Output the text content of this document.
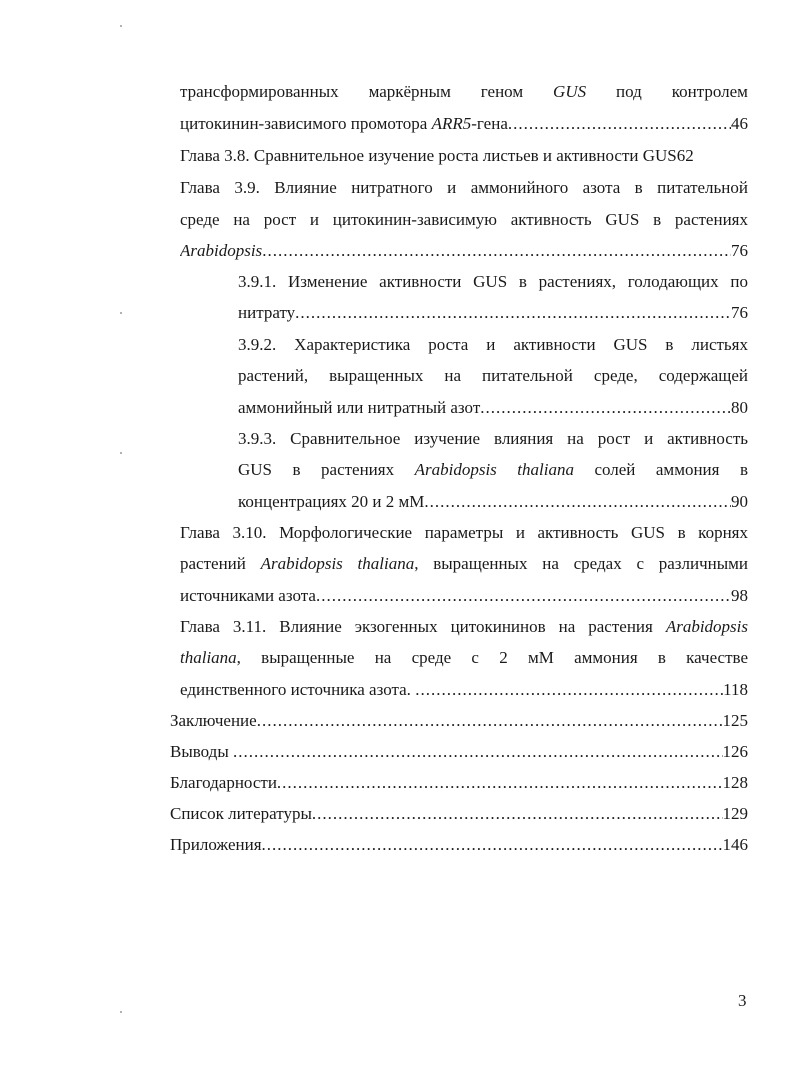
трансформированных маркёрным геном GUS под контролем
цитокинин-зависимого промотора ARR5-гена .....	46
Глава 3.8. Сравнительное изучение роста листьев и активности GUS 62
Глава 3.9. Влияние нитратного и аммонийного азота в питательной
среде на рост и цитокинин-зависимую активность GUS в растениях
Arabidopsis .....	76
3.9.1. Изменение активности GUS в растениях, голодающих по
нитрату .....	76
3.9.2. Характеристика роста и активности GUS в листьях
растений, выращенных на питательной среде, содержащей
аммонийный или нитратный азот .....	80
3.9.3. Сравнительное изучение влияния на рост и активность
GUS в растениях Arabidopsis thaliana солей аммония в
концентрациях 20 и 2 мМ .....	90
Глава 3.10. Морфологические параметры и активность GUS в корнях
растений Arabidopsis thaliana, выращенных на средах с различными
источниками азота .....	98
Глава 3.11. Влияние экзогенных цитокининов на растения Arabidopsis
thaliana, выращенные на среде с 2 мМ аммония в качестве
единственного источника азота. .....	118
Заключение .....	125
Выводы .....	126
Благодарности .....	128
Список литературы .....	129
Приложения .....	146
3
